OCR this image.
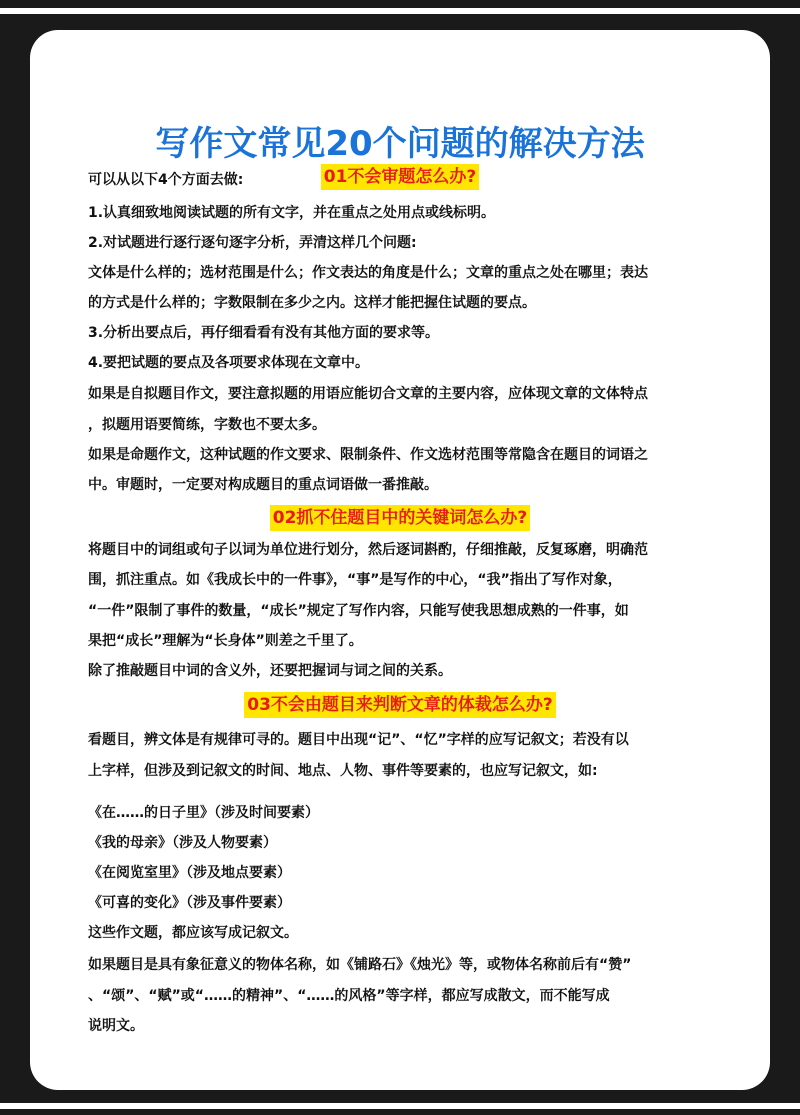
写作文常见20个问题的解决方法
01不会审题怎么办?
可以从以下4个方面去做:
1.认真细致地阅读试题的所有文字，并在重点之处用点或线标明。
2.对试题进行逐行逐句逐字分析，弄清这样几个问题:
文体是什么样的；选材范围是什么；作文表达的角度是什么；文章的重点之处在哪里；表达
的方式是什么样的；字数限制在多少之内。这样才能把握住试题的要点。
3.分析出要点后，再仔细看看有没有其他方面的要求等。
4.要把试题的要点及各项要求体现在文章中。
如果是自拟题目作文，要注意拟题的用语应能切合文章的主要内容，应体现文章的文体特点
，拟题用语要简练，字数也不要太多。
如果是命题作文，这种试题的作文要求、限制条件、作文选材范围等常隐含在题目的词语之
中。审题时，一定要对构成题目的重点词语做一番推敲。
02抓不住题目中的关键词怎么办?
将题目中的词组或句子以词为单位进行划分，然后逐词斟酌，仔细推敲，反复琢磨，明确范
围，抓注重点。如《我成长中的一件事》，“事”是写作的中心，“我”指出了写作对象，
“一件”限制了事件的数量，“成长”规定了写作内容，只能写使我思想成熟的一件事，如
果把“成长”理解为“长身体”则差之千里了。
除了推敲题目中词的含义外，还要把握词与词之间的关系。
03不会由题目来判断文章的体裁怎么办?
看题目，辨文体是有规律可寻的。题目中出现“记”、“忆”字样的应写记叙文；若没有以
上字样，但涉及到记叙文的时间、地点、人物、事件等要素的，也应写记叙文，如:
《在……的日子里》（涉及时间要素）
《我的母亲》（涉及人物要素）
《在阅览室里》（涉及地点要素）
《可喜的变化》（涉及事件要素）
这些作文题，都应该写成记叙文。
如果题目是具有象征意义的物体名称，如《铺路石》《烛光》等，或物体名称前后有“赞”
、“颂”、“赋”或“……的精神”、“……的风格”等字样，都应写成散文，而不能写成
说明文。
